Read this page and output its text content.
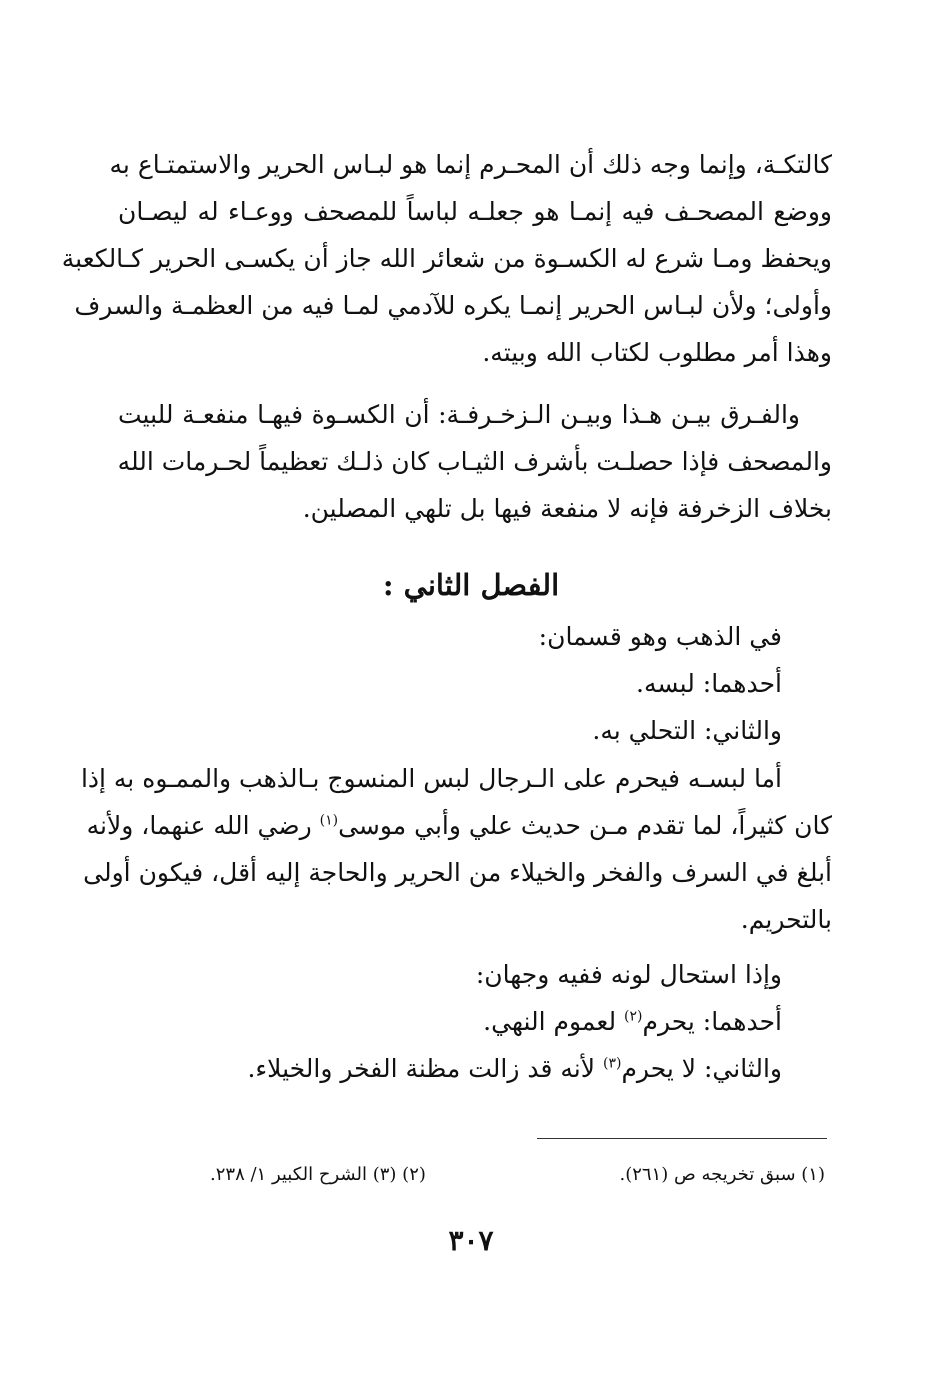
كالتكـة، وإنما وجه ذلك أن المحـرم إنما هو لبـاس الحرير والاستمتـاع به
ووضع المصحـف فيه إنمـا هو جعلـه لباساً للمصحف ووعـاء له ليصـان
ويحفظ ومـا شرع له الكسـوة من شعائر الله جاز أن يكسـى الحرير كـالكعبة
وأولى؛ ولأن لبـاس الحرير إنمـا يكره للآدمي لمـا فيه من العظمـة والسرف
وهذا أمر مطلوب لكتاب الله وبيته.
والفـرق بيـن هـذا وبيـن الـزخـرفـة: أن الكسـوة فيهـا منفعـة للبيت
والمصحف فإذا حصلـت بأشرف الثيـاب كان ذلـك تعظيماً لحـرمات الله
بخلاف الزخرفة فإنه لا منفعة فيها بل تلهي المصلين.
الفصل الثاني :
في الذهب وهو قسمان:
أحدهما: لبسه.
والثاني: التحلي به.
أما لبسـه فيحرم على الـرجال لبس المنسوج بـالذهب والممـوه به إذا
كان كثيراً، لما تقدم مـن حديث علي وأبي موسى$^{(١)}$ رضي الله عنهما، ولأنه
أبلغ في السرف والفخر والخيلاء من الحرير والحاجة إليه أقل، فيكون أولى
بالتحريم.
وإذا استحال لونه ففيه وجهان:
أحدهما: يحرم$^{(٢)}$ لعموم النهي.
والثاني: لا يحرم$^{(٣)}$ لأنه قد زالت مظنة الفخر والخيلاء.
(١) سبق تخريجه ص (٢٦١).
(٢) (٣) الشرح الكبير ١/ ٢٣٨.
٣٠٧
